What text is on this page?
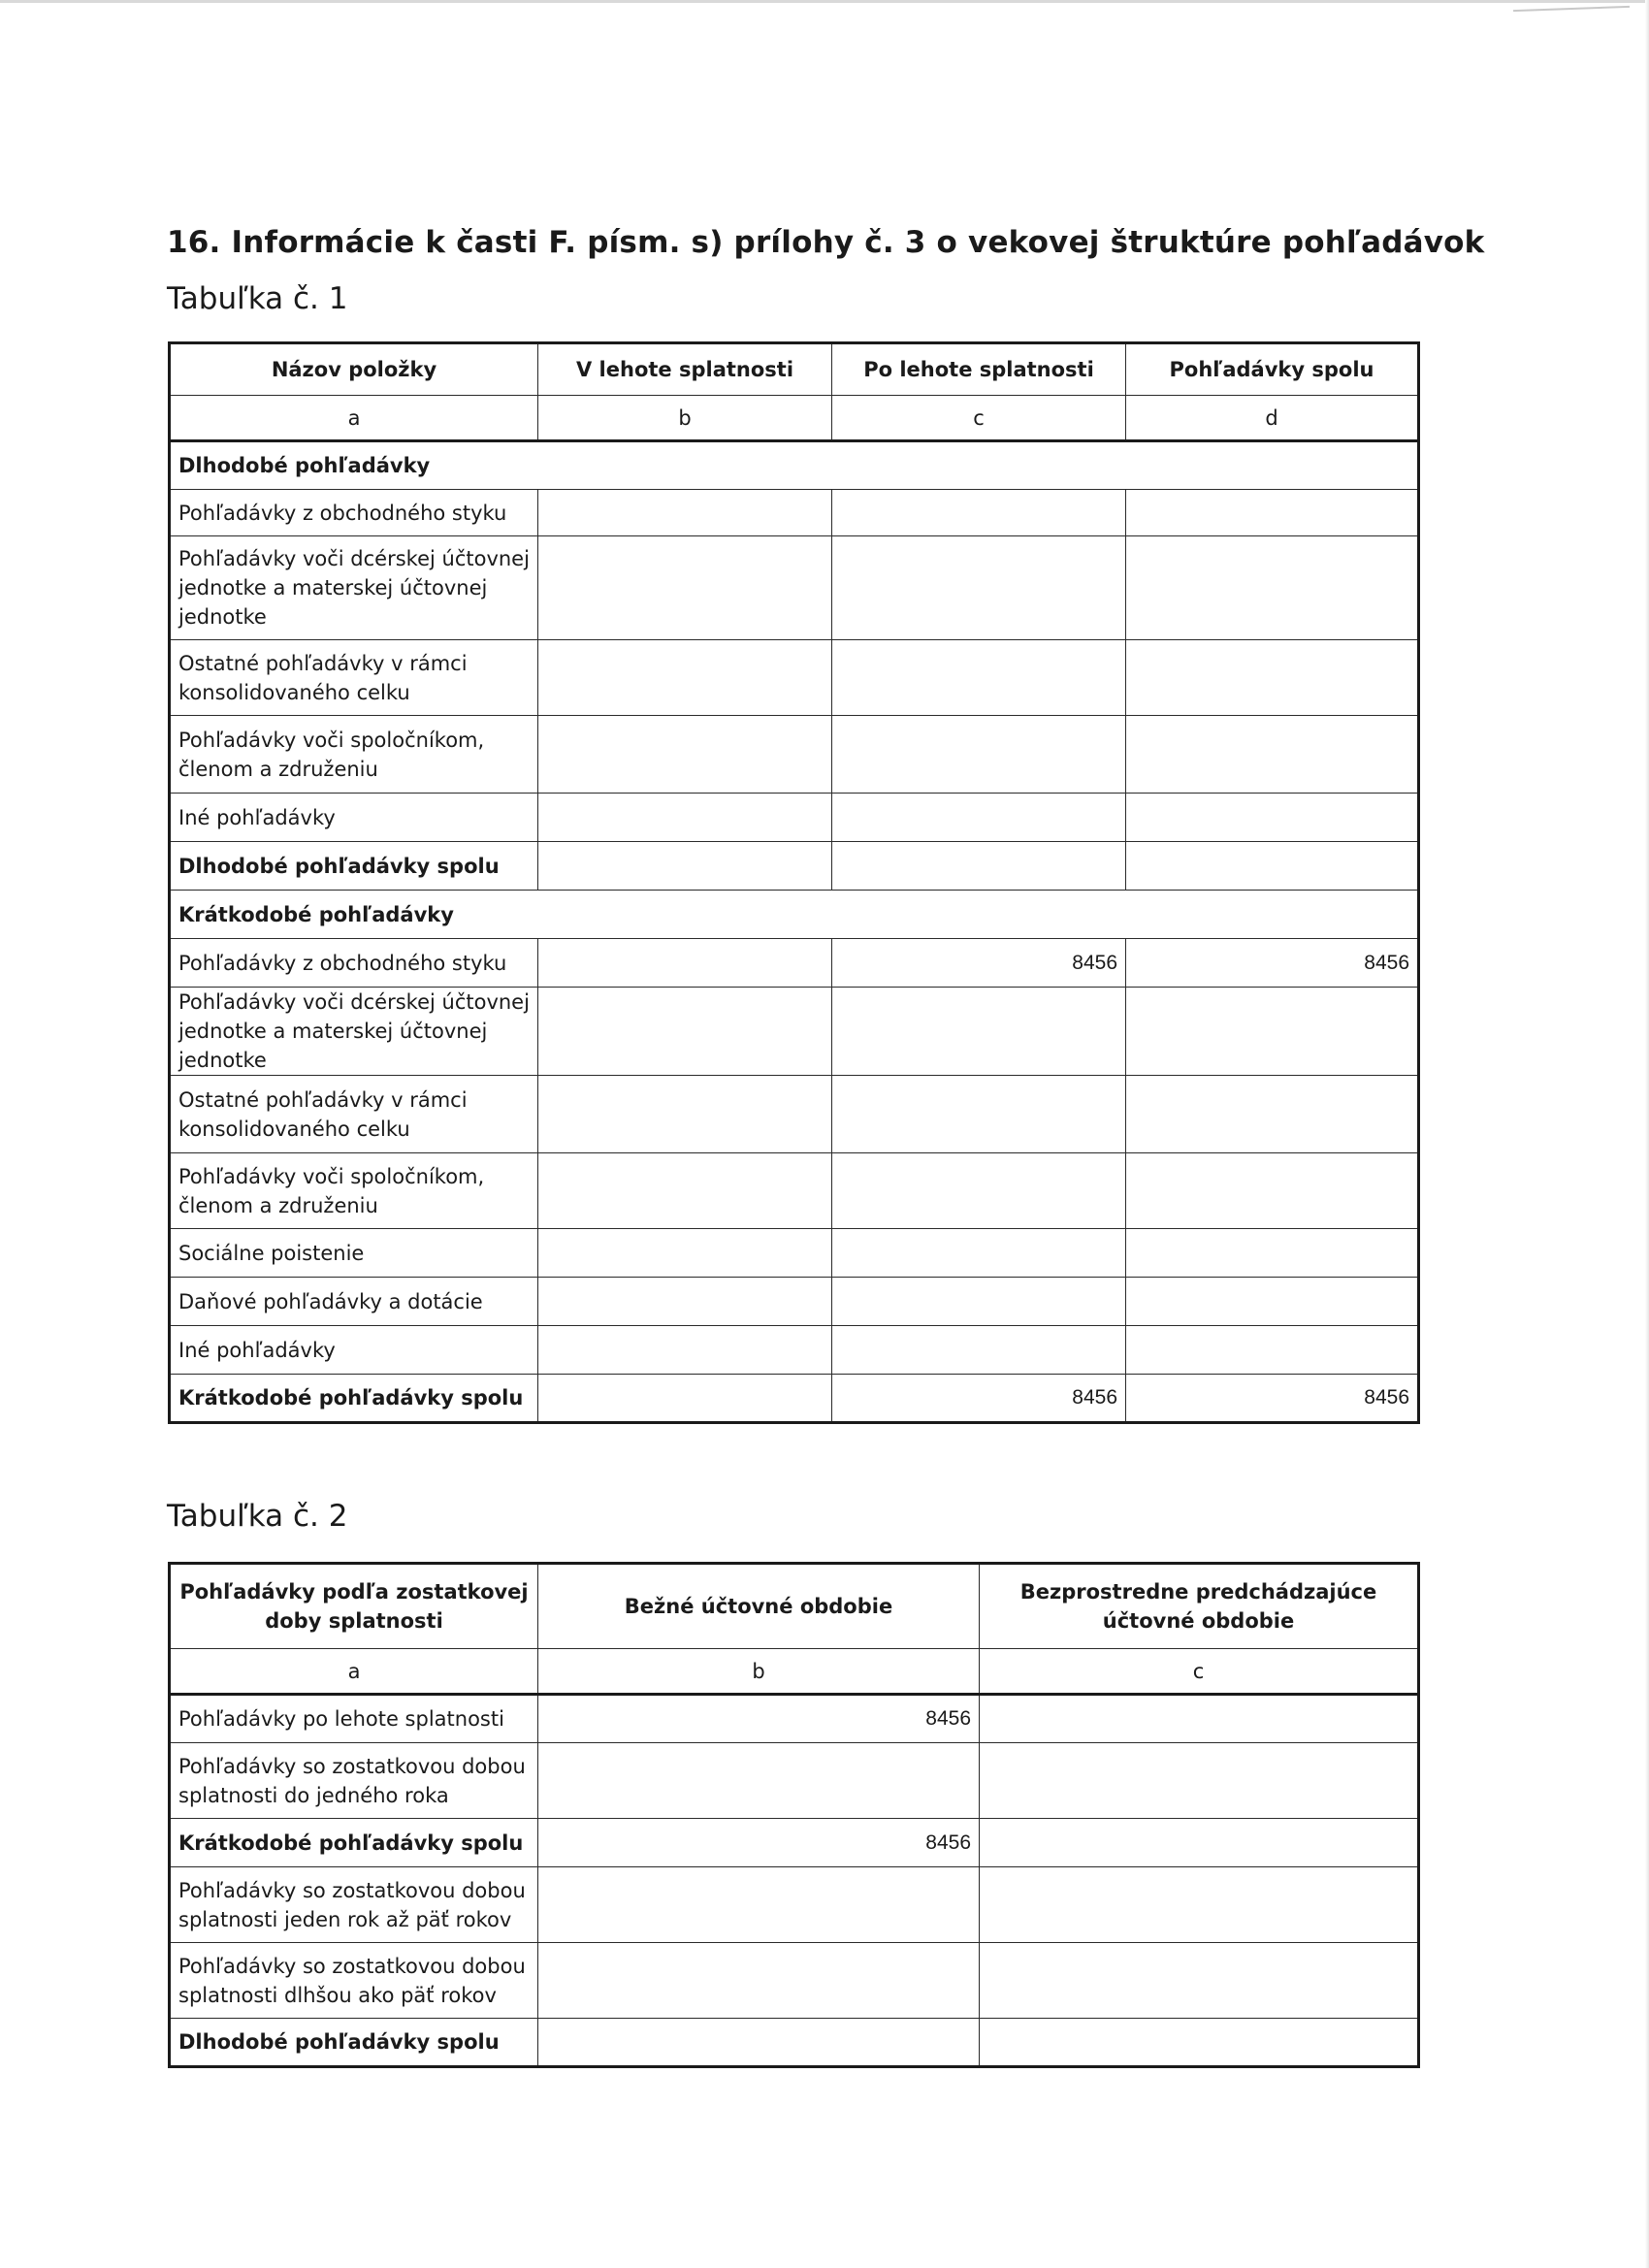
16. Informácie k časti F. písm. s) prílohy č. 3 o vekovej štruktúre pohľadávok
Tabuľka č. 1
Názov položky	V lehote splatnosti	Po lehote splatnosti	Pohľadávky spolu
a	b	c	d
Dlhodobé pohľadávky			
Pohľadávky z obchodného styku			
Pohľadávky voči dcérskej účtovnej jednotke a materskej účtovnej jednotke			
Ostatné pohľadávky v rámci konsolidovaného celku			
Pohľadávky voči spoločníkom, členom a združeniu			
Iné pohľadávky			
Dlhodobé pohľadávky spolu			
Krátkodobé pohľadávky			
Pohľadávky z obchodného styku		8456	8456
Pohľadávky voči dcérskej účtovnej jednotke a materskej účtovnej jednotke			
Ostatné pohľadávky v rámci konsolidovaného celku			
Pohľadávky voči spoločníkom, členom a združeniu			
Sociálne poistenie			
Daňové pohľadávky a dotácie			
Iné pohľadávky			
Krátkodobé pohľadávky spolu		8456	8456
Tabuľka č. 2
Pohľadávky podľa zostatkovej doby splatnosti	Bežné účtovné obdobie	Bezprostredne predchádzajúce účtovné obdobie
a	b	c
Pohľadávky po lehote splatnosti	8456	
Pohľadávky so zostatkovou dobou splatnosti do jedného roka		
Krátkodobé pohľadávky spolu	8456	
Pohľadávky so zostatkovou dobou splatnosti jeden rok až päť rokov		
Pohľadávky so zostatkovou dobou splatnosti dlhšou ako päť rokov		
Dlhodobé pohľadávky spolu		
